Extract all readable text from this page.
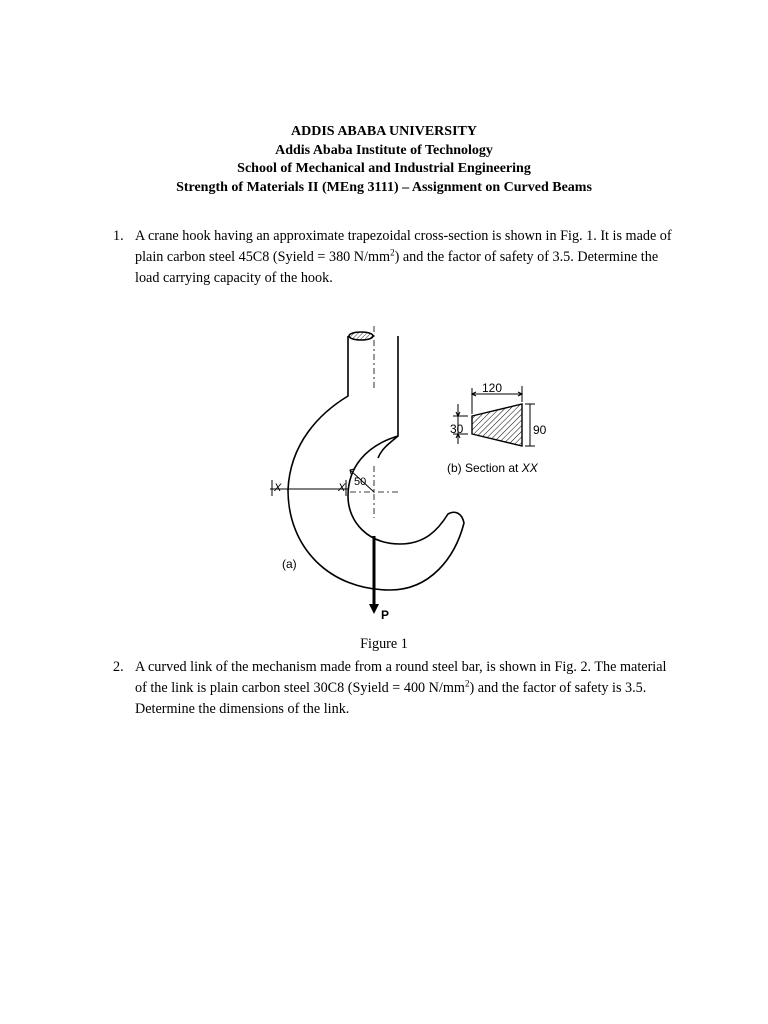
ADDIS ABABA UNIVERSITY
Addis Ababa Institute of Technology
School of Mechanical and Industrial Engineering
Strength of Materials II (MEng 3111) – Assignment on Curved Beams
1. A crane hook having an approximate trapezoidal cross-section is shown in Fig. 1. It is made of plain carbon steel 45C8 (Syield = 380 $N/mm^2$) and the factor of safety of 3.5. Determine the load carrying capacity of the hook.
X	X 50
P
(a)
120
30	90
(b) Section at XX
Figure 1
2. A curved link of the mechanism made from a round steel bar, is shown in Fig. 2. The material of the link is plain carbon steel 30C8 (Syield = 400 $N/mm^2$) and the factor of safety is 3.5. Determine the dimensions of the link.
